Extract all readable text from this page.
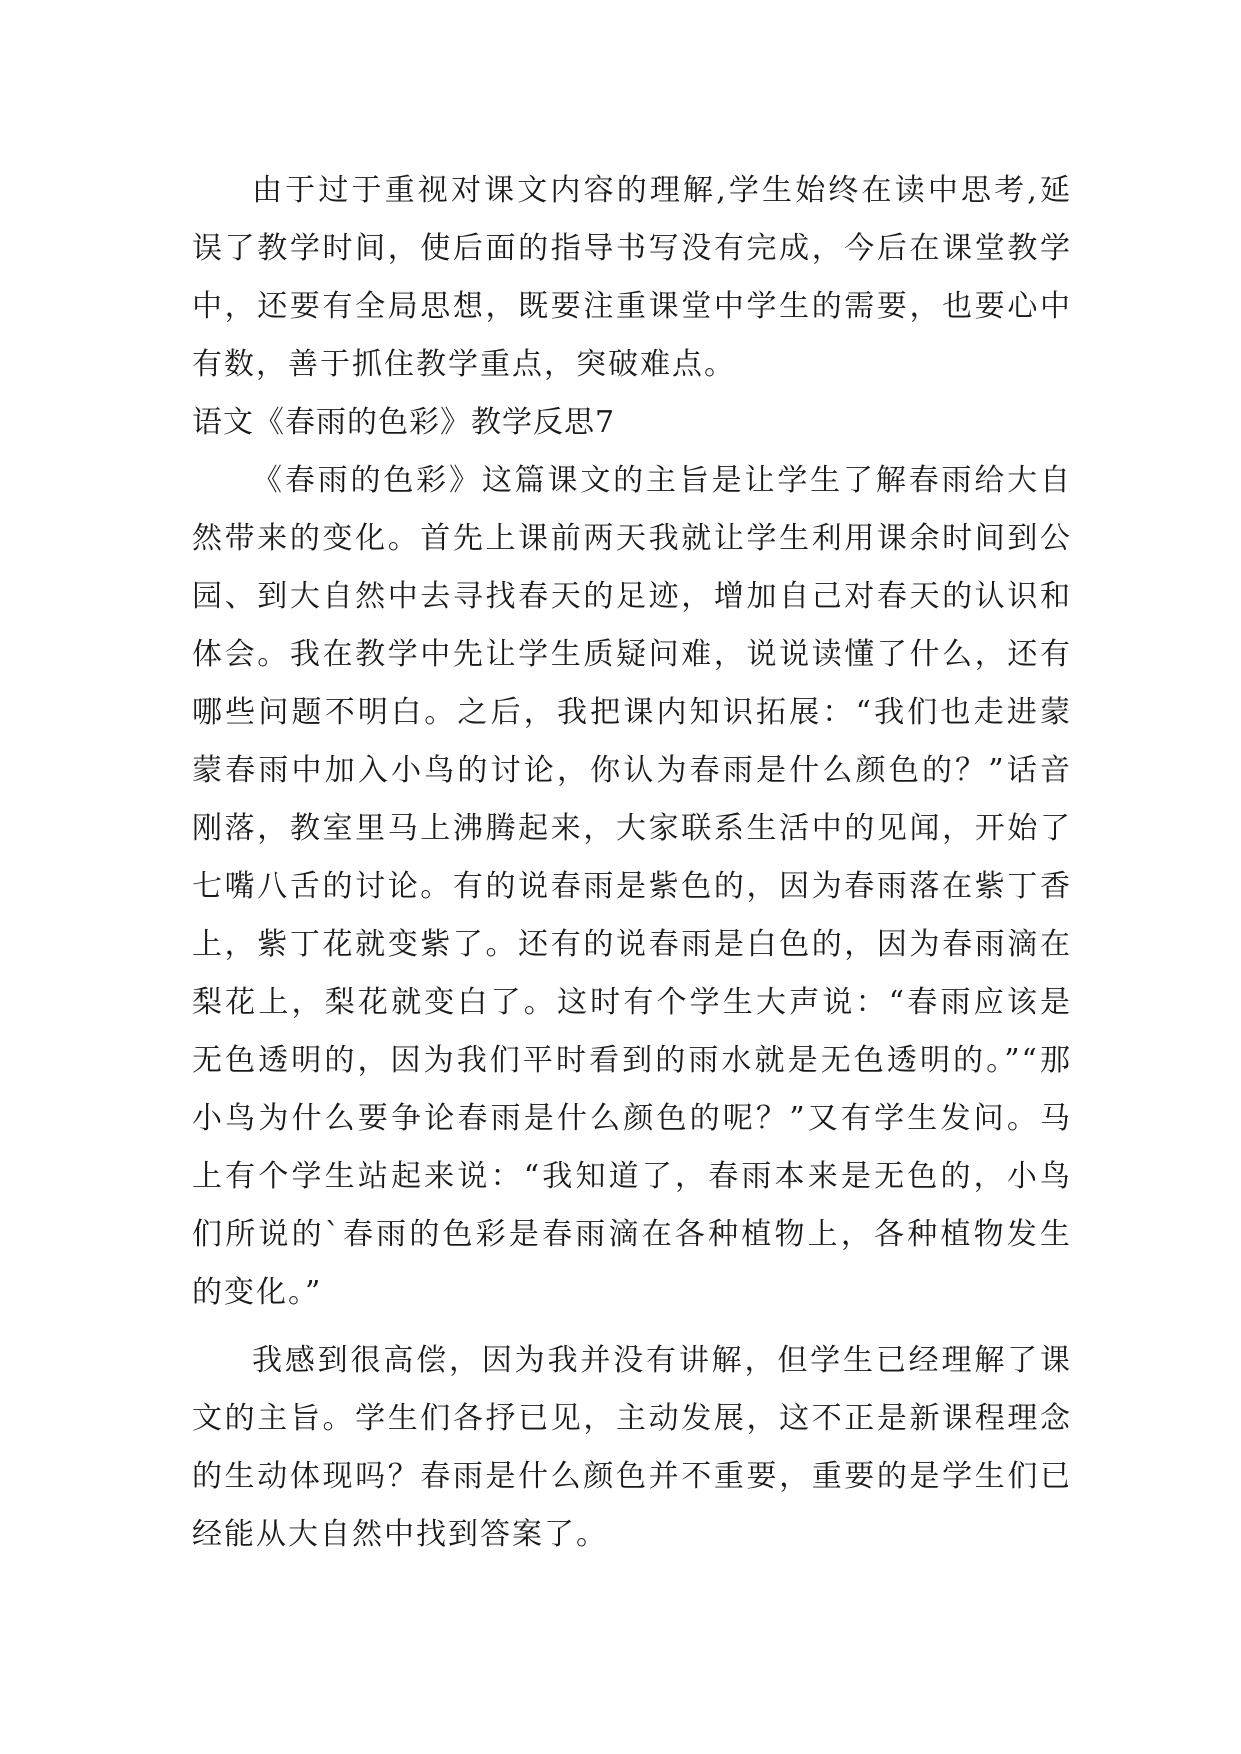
由于过于重视对课文内容的理解,学生始终在读中思考,延误了教学时间，使后面的指导书写没有完成，今后在课堂教学中，还要有全局思想，既要注重课堂中学生的需要，也要心中有数，善于抓住教学重点，突破难点。

语文《春雨的色彩》教学反思7

《春雨的色彩》这篇课文的主旨是让学生了解春雨给大自然带来的变化。首先上课前两天我就让学生利用课余时间到公园、到大自然中去寻找春天的足迹，增加自己对春天的认识和体会。我在教学中先让学生质疑问难，说说读懂了什么，还有哪些问题不明白。之后，我把课内知识拓展：“我们也走进蒙蒙春雨中加入小鸟的讨论，你认为春雨是什么颜色的？”话音刚落，教室里马上沸腾起来，大家联系生活中的见闻，开始了七嘴八舌的讨论。有的说春雨是紫色的，因为春雨落在紫丁香上，紫丁花就变紫了。还有的说春雨是白色的，因为春雨滴在梨花上，梨花就变白了。这时有个学生大声说：“春雨应该是无色透明的，因为我们平时看到的雨水就是无色透明的。”“那小鸟为什么要争论春雨是什么颜色的呢？”又有学生发问。马上有个学生站起来说：“我知道了，春雨本来是无色的，小鸟们所说的`春雨的色彩是春雨滴在各种植物上，各种植物发生的变化。”

我感到很高偿，因为我并没有讲解，但学生已经理解了课文的主旨。学生们各抒已见，主动发展，这不正是新课程理念的生动体现吗？春雨是什么颜色并不重要，重要的是学生们已经能从大自然中找到答案了。
